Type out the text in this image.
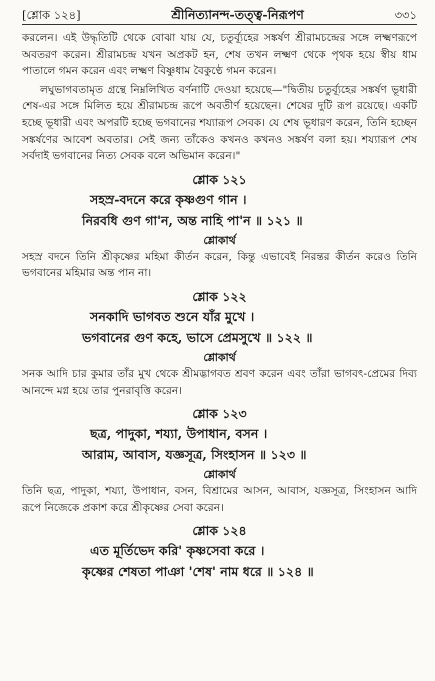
[শ্লোক ১২৪]	শ্রীনিত্যানন্দ-তত্ত্ব-নিরূপণ	৩৩১

করলেন। এই উদ্ধৃতিটি থেকে বোঝা যায় যে, চতুর্ব্যূহের সঙ্কর্ষণ শ্রীরামচন্দ্রের সঙ্গে লক্ষ্মণরূপে অবতরণ করেন। শ্রীরামচন্দ্র যখন অপ্রকট হন, শেষ তখন লক্ষ্মণ থেকে পৃথক হয়ে স্বীয় ধাম পাতালে গমন করেন এবং লক্ষ্মণ বিষ্ণুধাম বৈকুণ্ঠে গমন করেন।

লঘুভাগবতামৃত গ্রন্থে নিম্নলিখিত বর্ণনাটি দেওয়া হয়েছে—"দ্বিতীয় চতুর্ব্যূহের সঙ্কর্ষণ ভূধারী শেষ-এর সঙ্গে মিলিত হয়ে শ্রীরামচন্দ্র রূপে অবতীর্ণ হয়েছেন। শেষের দুটি রূপ রয়েছে। একটি হচ্ছে ভূধারী এবং অপরটি হচ্ছে ভগবানের শয্যারূপ সেবক। যে শেষ ভূধারণ করেন, তিনি হচ্ছেন সঙ্কর্ষণের আবেশ অবতার। সেই জন্য তাঁকেও কখনও কখনও সঙ্কর্ষণ বলা হয়। শয্যারূপ শেষ সর্বদাই ভগবানের নিত্য সেবক বলে অভিমান করেন।"

শ্লোক ১২১
সহস্র-বদনে করে কৃষ্ণগুণ গান ।
নিরবধি গুণ গা'ন, অন্ত নাহি পা'ন ॥ ১২১ ॥
শ্লোকার্থ

সহস্র বদনে তিনি শ্রীকৃষ্ণের মহিমা কীর্তন করেন, কিন্তু এভাবেই নিরন্তর কীর্তন করেও তিনি ভগবানের মহিমার অন্ত পান না।

শ্লোক ১২২
সনকাদি ভাগবত শুনে যাঁর মুখে ।
ভগবানের গুণ কহে, ভাসে প্রেমসুখে ॥ ১২২ ॥
শ্লোকার্থ

সনক আদি চার কুমার তাঁর মুখ থেকে শ্রীমদ্ভাগবত শ্রবণ করেন এবং তাঁরা ভাগবৎ-প্রেমের দিব্য আনন্দে মগ্ন হয়ে তার পুনরাবৃত্তি করেন।

শ্লোক ১২৩
ছত্র, পাদুকা, শয্যা, উপাধান, বসন ।
আরাম, আবাস, যজ্ঞসূত্র, সিংহাসন ॥ ১২৩ ॥
শ্লোকার্থ

তিনি ছত্র, পাদুকা, শয্যা, উপাধান, বসন, বিশ্রামের আসন, আবাস, যজ্ঞসূত্র, সিংহাসন আদি রূপে নিজেকে প্রকাশ করে শ্রীকৃষ্ণের সেবা করেন।

শ্লোক ১২৪
এত মূর্তিভেদ করি' কৃষ্ণসেবা করে ।
কৃষ্ণের শেষতা পাঞা 'শেষ' নাম ধরে ॥ ১২৪ ॥
